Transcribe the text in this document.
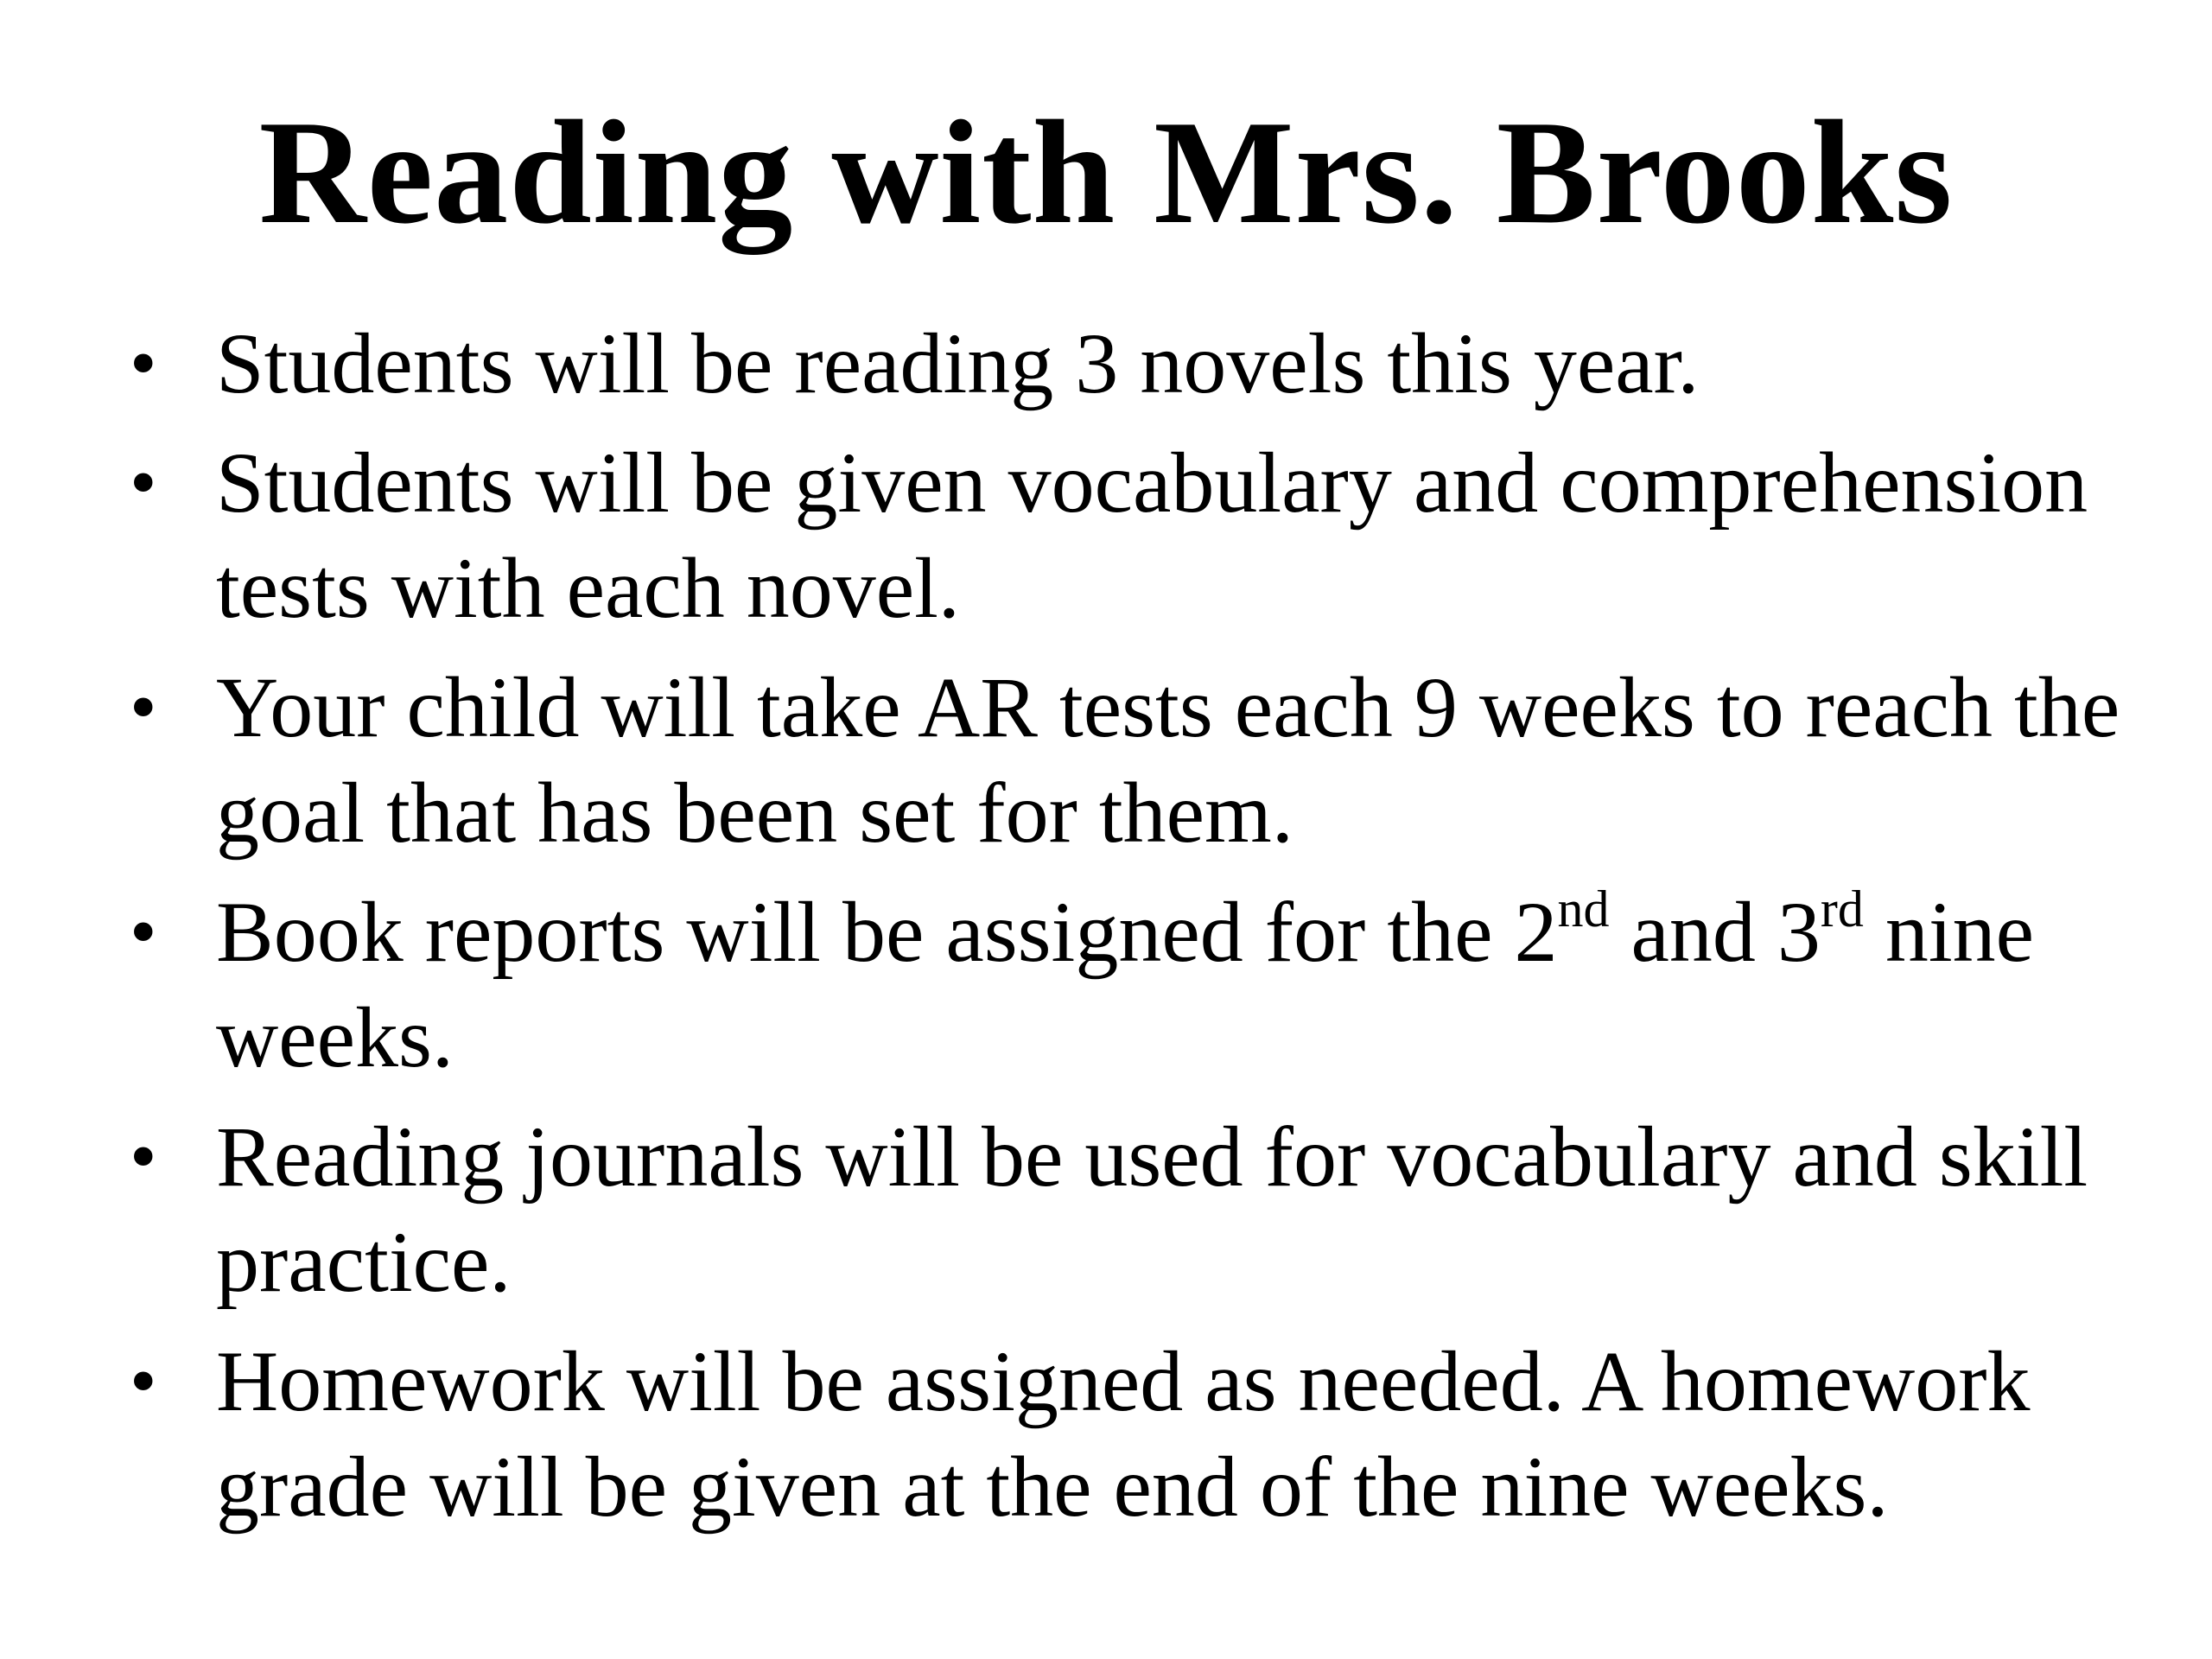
Reading with Mrs. Brooks
• Students will be reading 3 novels this year.
• Students will be given vocabulary and comprehension tests with each novel.
• Your child will take AR tests each 9 weeks to reach the goal that has been set for them.
• Book reports will be assigned for the 2nd and 3rd nine weeks.
• Reading journals will be used for vocabulary and skill practice.
• Homework will be assigned as needed. A homework grade will be given at the end of the nine weeks.
